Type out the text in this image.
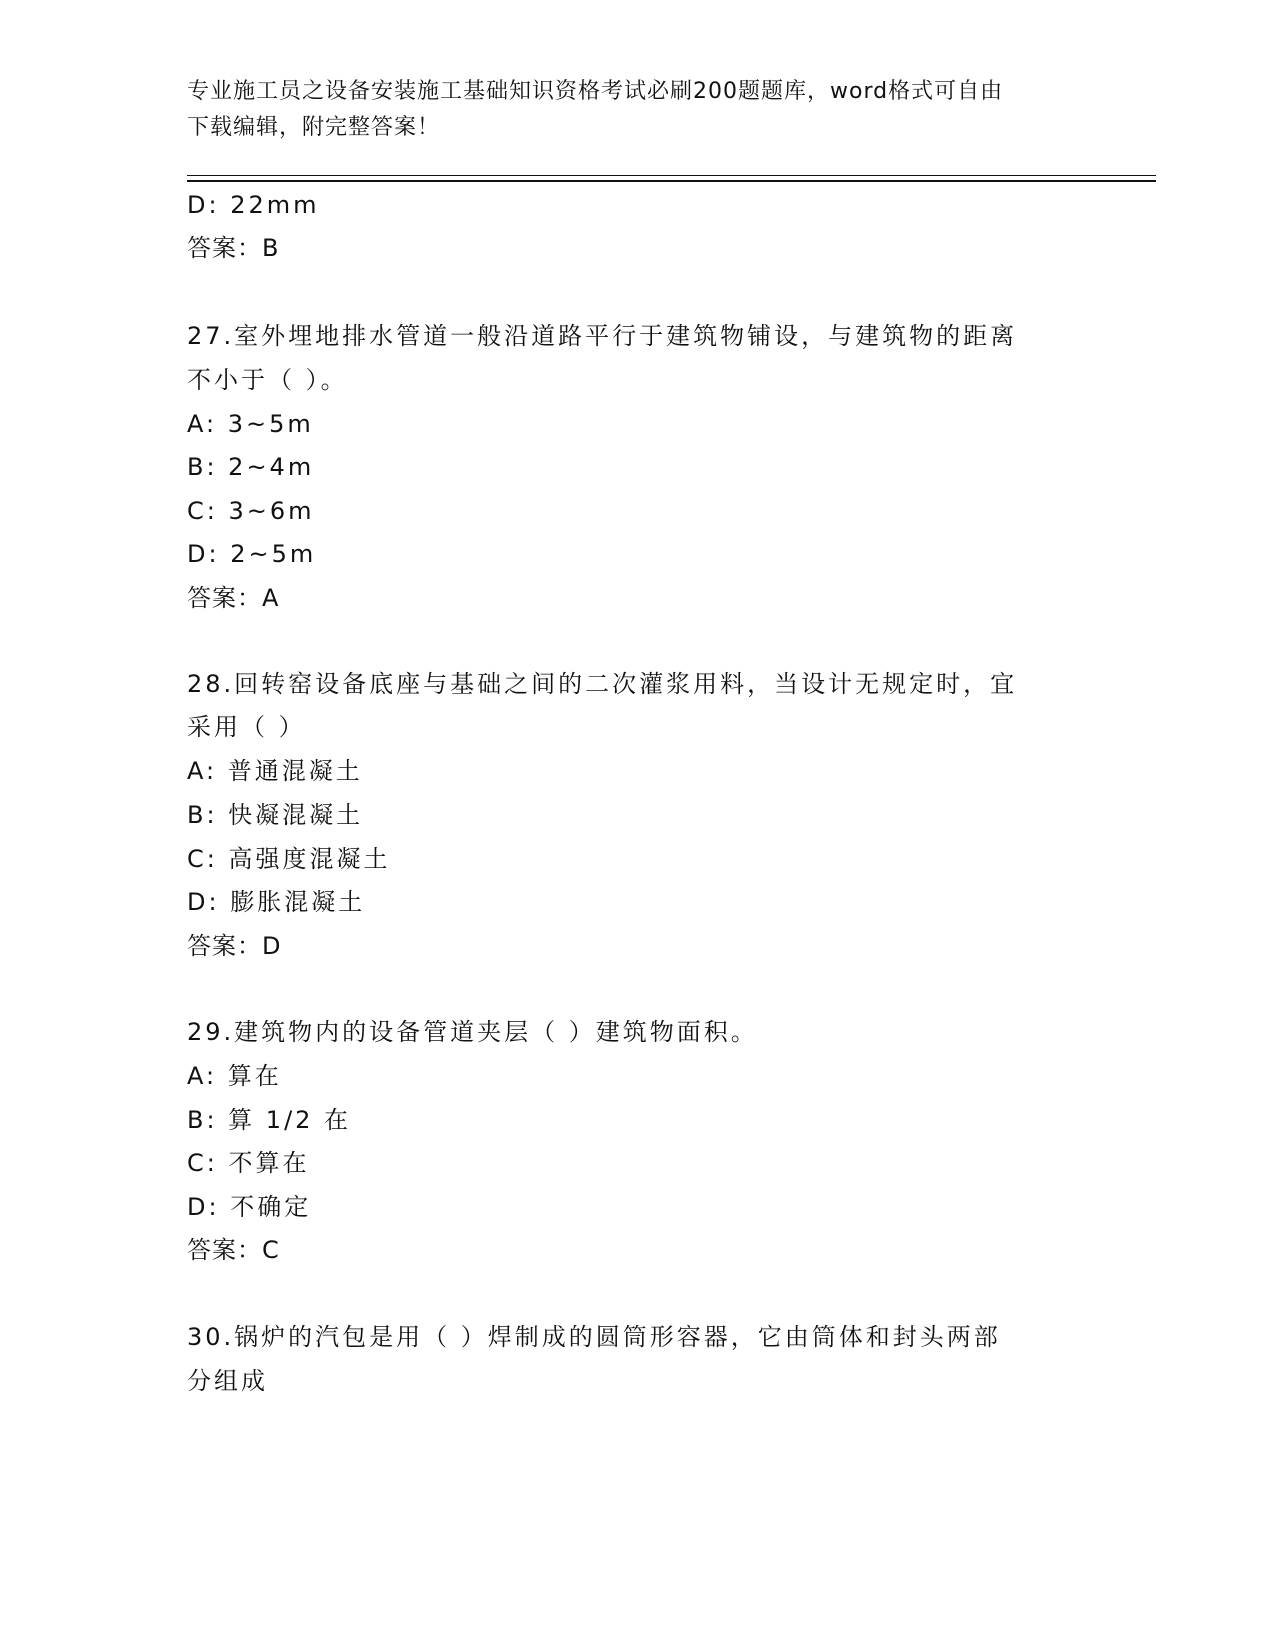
专业施工员之设备安装施工基础知识资格考试必刷200题题库，word格式可自由
下载编辑，附完整答案！
D: 22mm
答案：B
27.室外埋地排水管道一般沿道路平行于建筑物铺设，与建筑物的距离
不小于（ ）。
A: 3~5m
B: 2~4m
C: 3~6m
D: 2~5m
答案：A
28.回转窑设备底座与基础之间的二次灌浆用料，当设计无规定时，宜
采用（ ）
A: 普通混凝土
B: 快凝混凝土
C: 高强度混凝土
D: 膨胀混凝土
答案：D
29.建筑物内的设备管道夹层（ ）建筑物面积。
A: 算在
B: 算 1/2 在
C: 不算在
D: 不确定
答案：C
30.锅炉的汽包是用（ ）焊制成的圆筒形容器，它由筒体和封头两部
分组成
